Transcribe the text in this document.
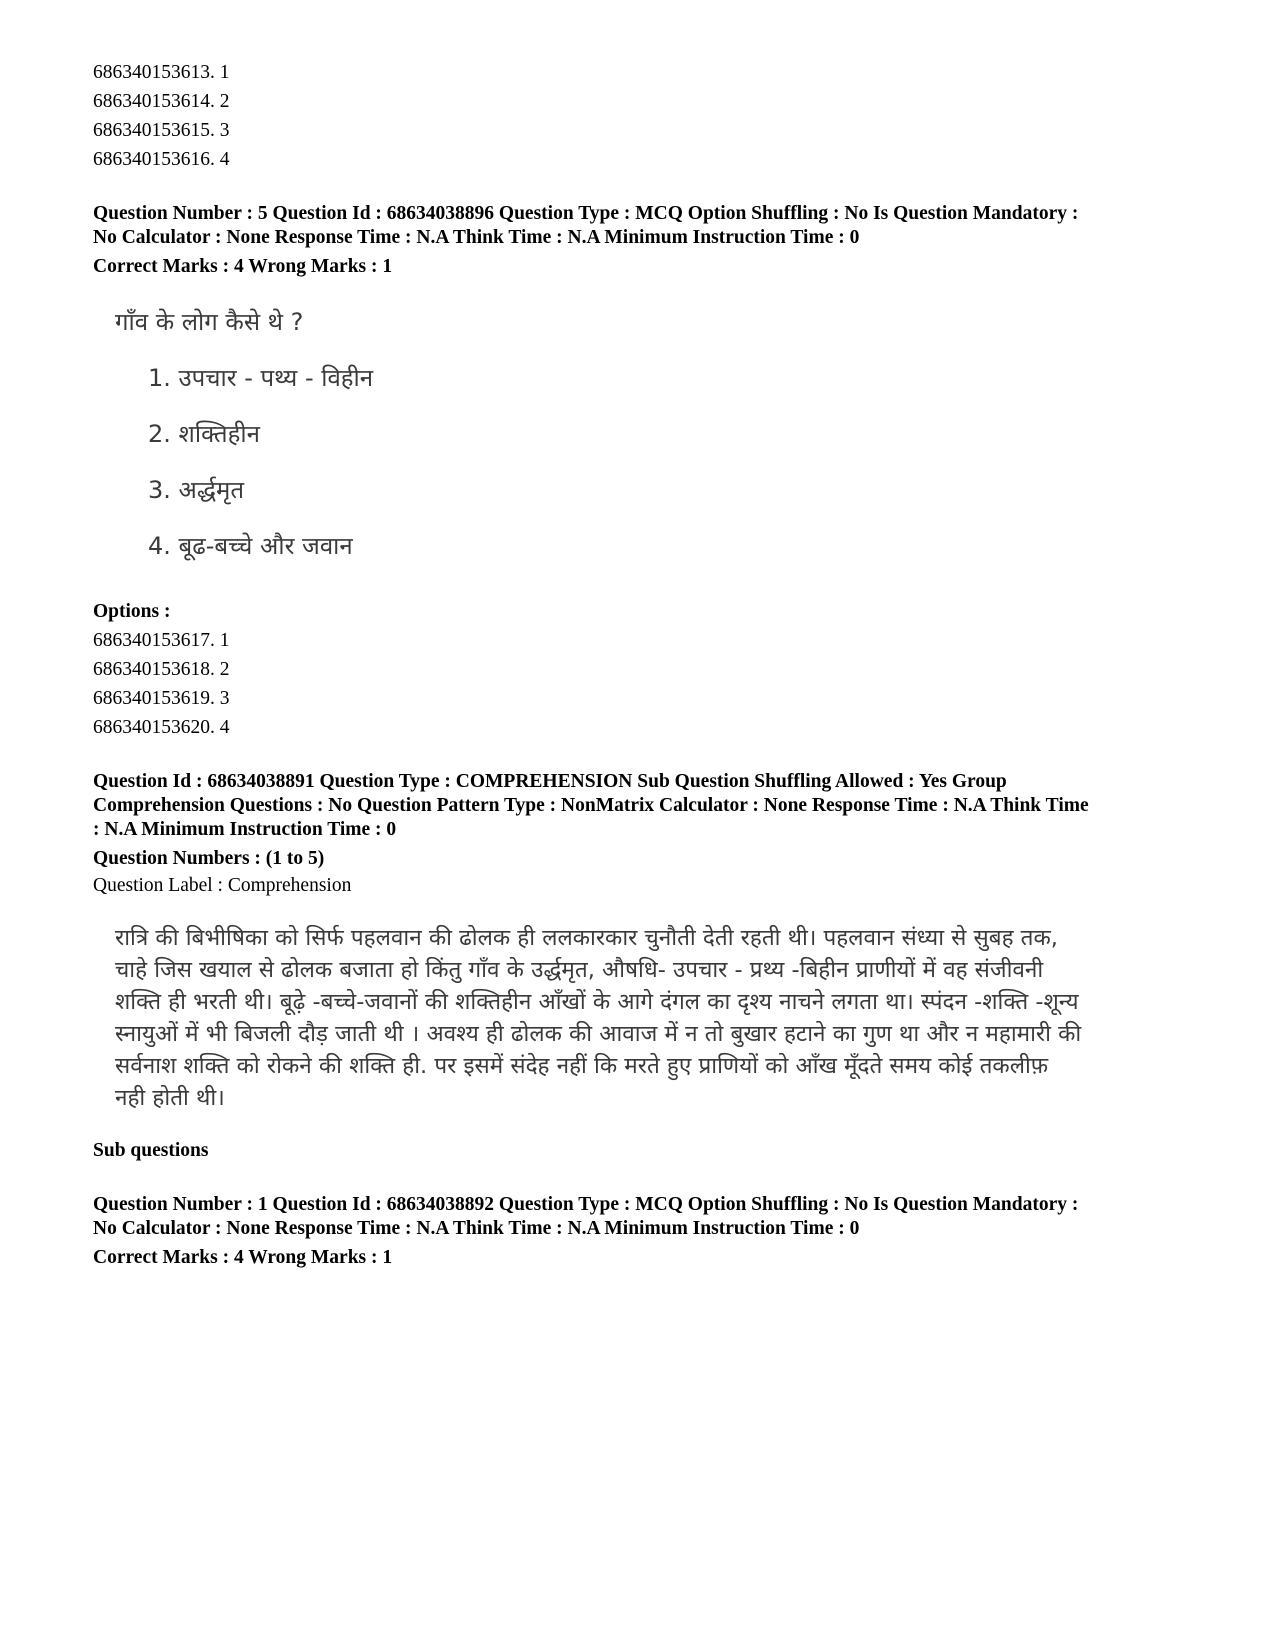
686340153613. 1

686340153614. 2

686340153615. 3

686340153616. 4

Question Number : 5 Question Id : 68634038896 Question Type : MCQ Option Shuffling : No Is Question Mandatory :

No Calculator : None Response Time : N.A Think Time : N.A Minimum Instruction Time : 0

Correct Marks : 4 Wrong Marks : 1

गाँव के लोग कैसे थे ?

1. उपचार - पथ्य - विहीन

2. शक्तिहीन

3. अर्द्धमृत

4. बूढ-बच्चे और जवान

Options :

686340153617. 1

686340153618. 2

686340153619. 3

686340153620. 4

Question Id : 68634038891 Question Type : COMPREHENSION Sub Question Shuffling Allowed : Yes Group

Comprehension Questions : No Question Pattern Type : NonMatrix Calculator : None Response Time : N.A Think Time

: N.A Minimum Instruction Time : 0

Question Numbers : (1 to 5)

Question Label : Comprehension

रात्रि की बिभीषिका को सिर्फ पहलवान की ढोलक ही ललकारकार चुनौती देती रहती थी। पहलवान संध्या से सुबह तक,
चाहे जिस खयाल से ढोलक बजाता हो किंतु गाँव के उर्द्धमृत, औषधि- उपचार - प्रथ्य -बिहीन प्राणीयों में वह संजीवनी
शक्ति ही भरती थी। बूढ़े -बच्चे-जवानों की शक्तिहीन आँखों के आगे दंगल का दृश्य नाचने लगता था। स्पंदन -शक्ति -शून्य
स्नायुओं में भी बिजली दौड़ जाती थी । अवश्य ही ढोलक की आवाज में न तो बुखार हटाने का गुण था और न महामारी की
सर्वनाश शक्ति को रोकने की शक्ति ही. पर इसमें संदेह नहीं कि मरते हुए प्राणियों को आँख मूँदते समय कोई तकलीफ़
नही होती थी।

Sub questions

Question Number : 1 Question Id : 68634038892 Question Type : MCQ Option Shuffling : No Is Question Mandatory :

No Calculator : None Response Time : N.A Think Time : N.A Minimum Instruction Time : 0

Correct Marks : 4 Wrong Marks : 1
